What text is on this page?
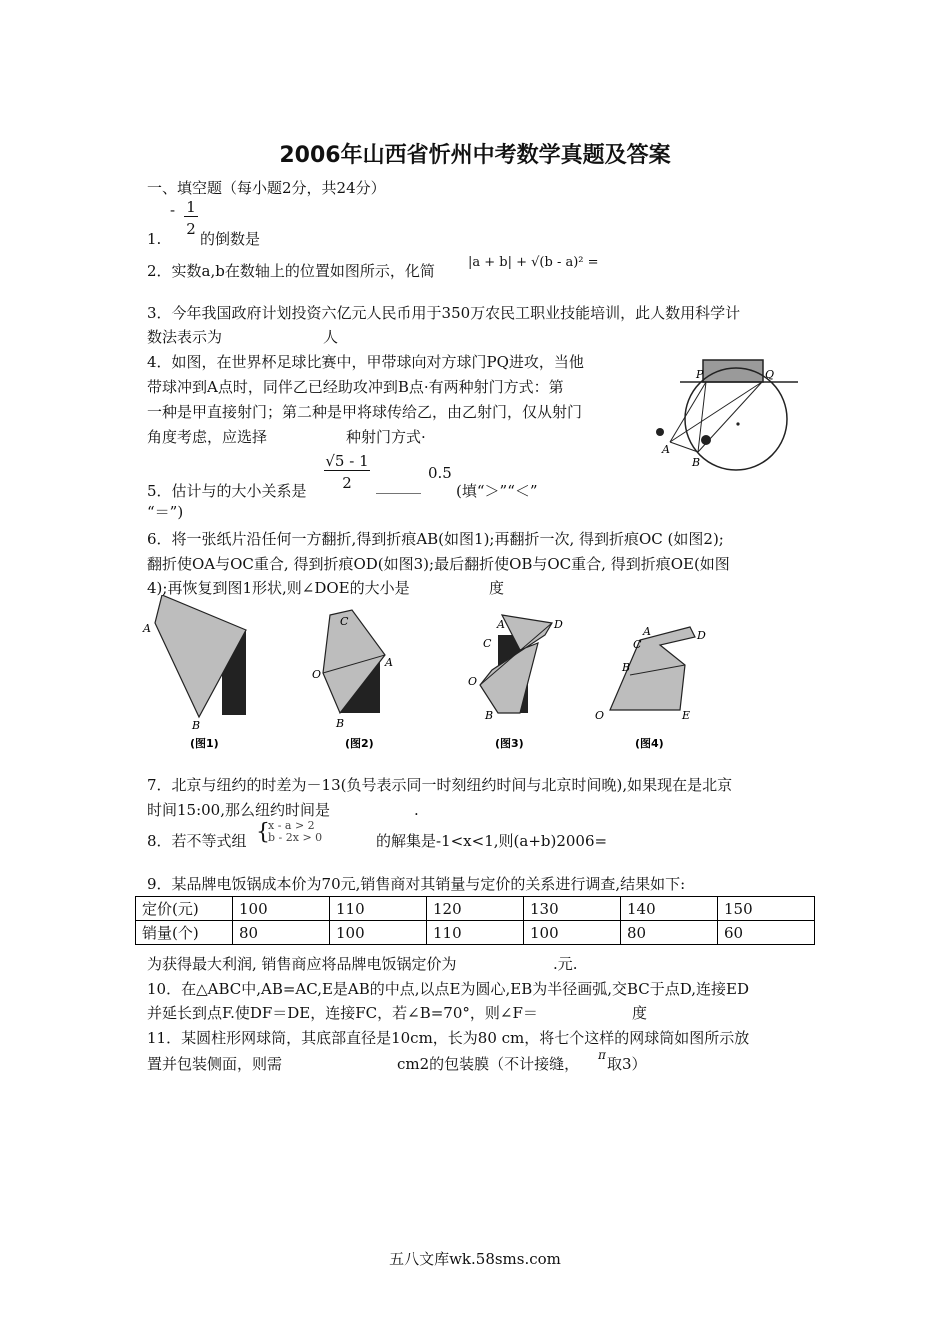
2006年山西省忻州中考数学真题及答案
一、填空题（每小题2分，共24分）
- 1
2
1.	的倒数是
2．实数a,b在数轴上的位置如图所示，化简	|a + b| + √(b - a)² =
3．今年我国政府计划投资六亿元人民币用于350万农民工职业技能培训，此人数用科学计
数法表示为	人
4．如图，在世界杯足球比赛中，甲带球向对方球门PQ进攻，当他
带球冲到A点时，同伴乙已经助攻冲到B点·有两种射门方式：第
一种是甲直接射门；第二种是甲将球传给乙，由乙射门，仅从射门
角度考虑，应选择	种射门方式·
P	Q
A
B
√5 - 1
2
5．估计与的大小关系是	______
0.5
(填“＞”“＜”
“＝”)
6．将一张纸片沿任何一方翻折,得到折痕AB(如图1);再翻折一次, 得到折痕OC (如图2);
翻折使OA与OC重合, 得到折痕OD(如图3);最后翻折使OB与OC重合, 得到折痕OE(如图
4);再恢复到图1形状,则∠DOE的大小是	度
A
B
C
A
O
B
A	D
C
O
B
A	D
C
B
O	E
(图1)	(图2)	(图3)	(图4)
7．北京与纽约的时差为－13(负号表示同一时刻纽约时间与北京时间晚),如果现在是北京
时间15:00,那么纽约时间是	.
8．若不等式组 {
x - a > 2
b - 2x > 0	的解集是-1<x<1,则(a+b)2006=
9．某品牌电饭锅成本价为70元,销售商对其销量与定价的关系进行调查,结果如下:
定价(元)	100	110	120	130	140	150
销量(个)	80	100	110	100	80	60
为获得最大利润, 销售商应将品牌电饭锅定价为	.元.
10．在△ABC中,AB=AC,E是AB的中点,以点E为圆心,EB为半径画弧,交BC于点D,连接ED
并延长到点F.使DF＝DE，连接FC，若∠B=70°，则∠F＝	度
11．某圆柱形网球筒，其底部直径是10cm，长为80 cm，将七个这样的网球筒如图所示放
置并包装侧面，则需	cm2的包装膜（不计接缝， π 取3）
五八文库wk.58sms.com
